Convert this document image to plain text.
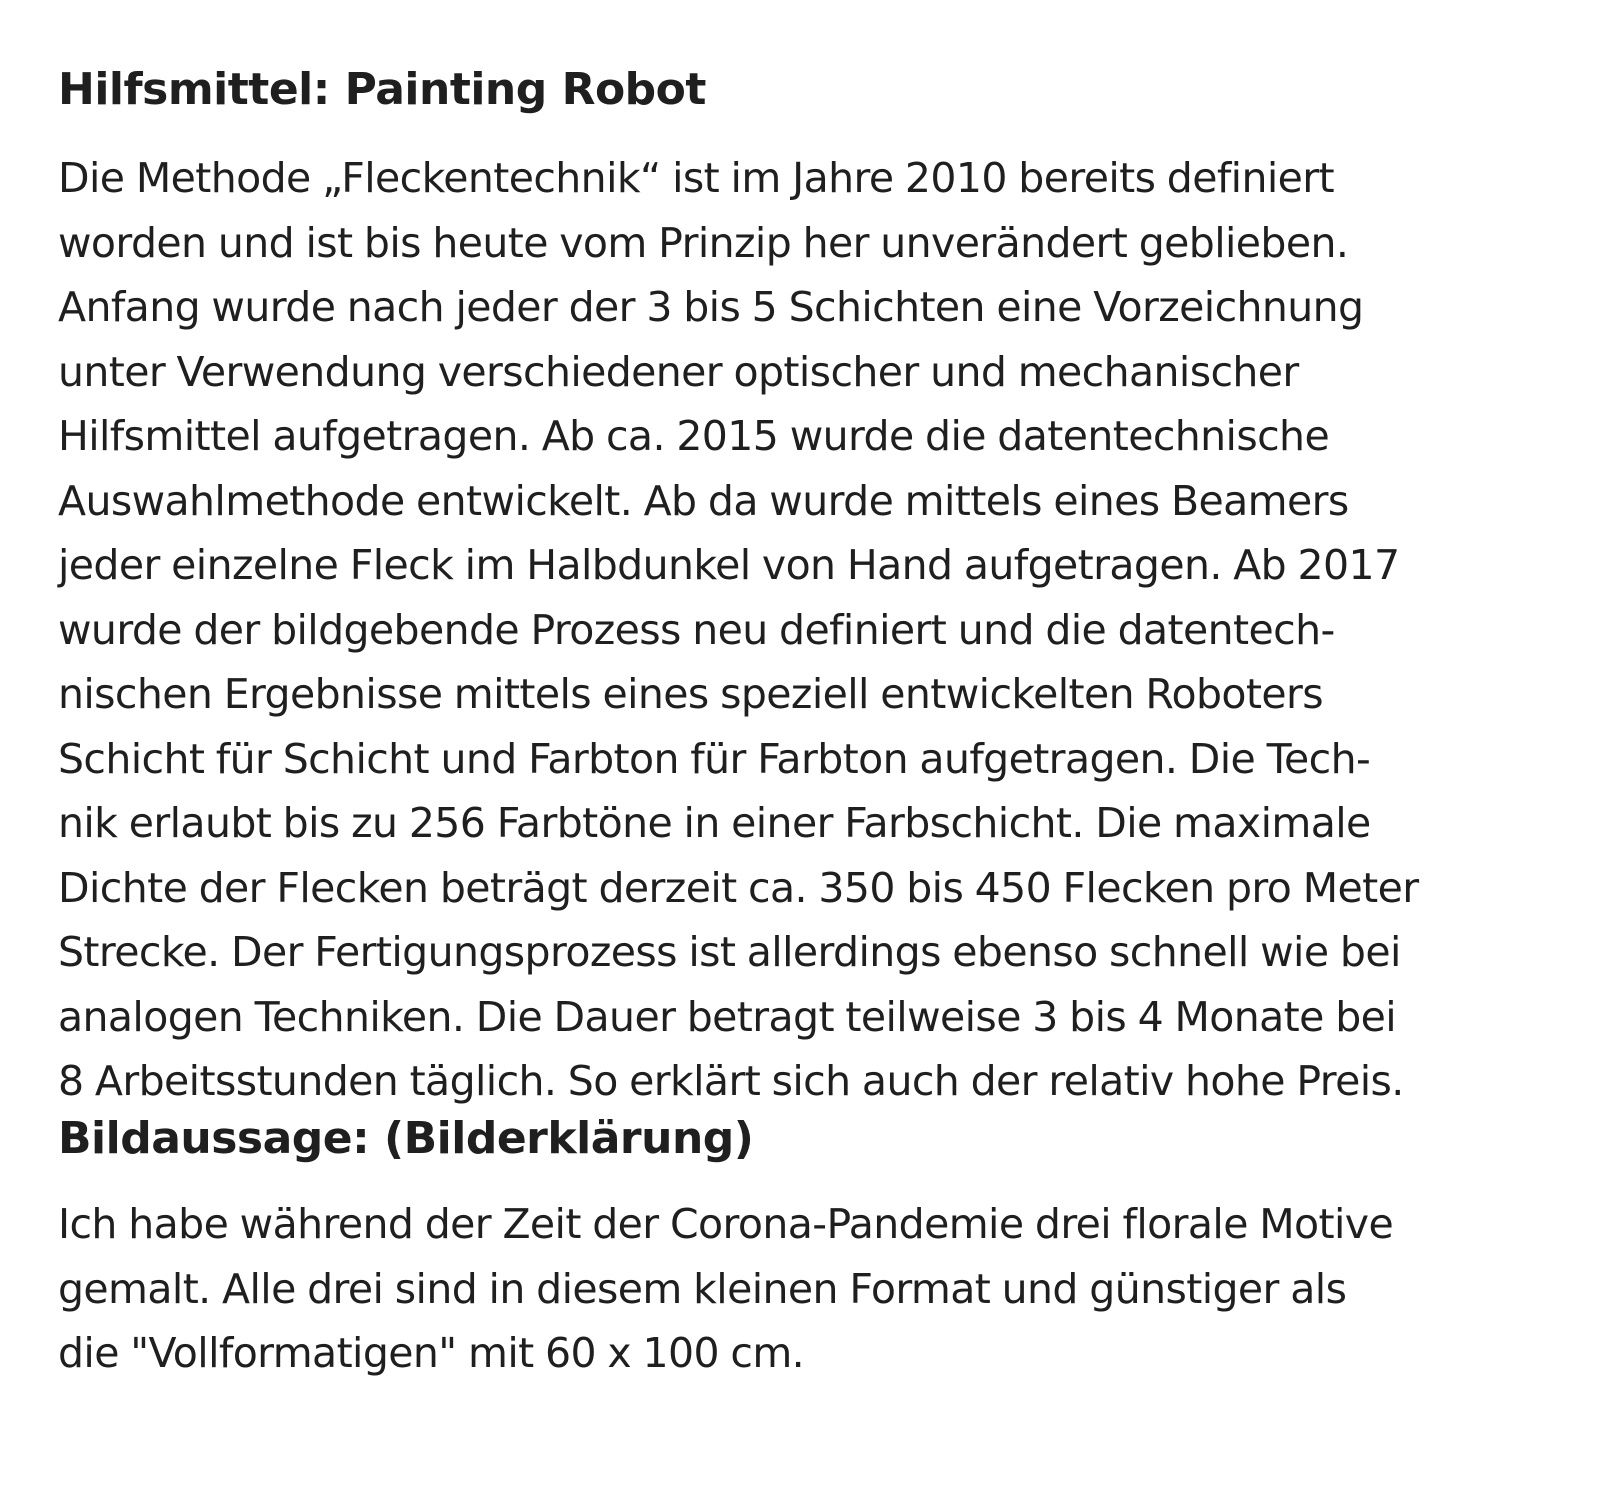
Hilfsmittel: Painting Robot
Die Methode „Fleckentechnik“ ist im Jahre 2010 bereits definiert
worden und ist bis heute vom Prinzip her unverändert geblieben.
Anfang wurde nach jeder der 3 bis 5 Schichten eine Vorzeichnung
unter Verwendung verschiedener optischer und mechanischer
Hilfsmittel aufgetragen. Ab ca. 2015 wurde die datentechnische
Auswahlmethode entwickelt. Ab da wurde mittels eines Beamers
jeder einzelne Fleck im Halbdunkel von Hand aufgetragen. Ab 2017
wurde der bildgebende Prozess neu definiert und die datentech-
nischen Ergebnisse mittels eines speziell entwickelten Roboters
Schicht für Schicht und Farbton für Farbton aufgetragen. Die Tech-
nik erlaubt bis zu 256 Farbtöne in einer Farbschicht. Die maximale
Dichte der Flecken beträgt derzeit ca. 350 bis 450 Flecken pro Meter
Strecke. Der Fertigungsprozess ist allerdings ebenso schnell wie bei
analogen Techniken. Die Dauer betragt teilweise 3 bis 4 Monate bei
8 Arbeitsstunden täglich. So erklärt sich auch der relativ hohe Preis.
Bildaussage: (Bilderklärung)
Ich habe während der Zeit der Corona-Pandemie drei florale Motive
gemalt. Alle drei sind in diesem kleinen Format und günstiger als
die "Vollformatigen" mit 60 x 100 cm.
